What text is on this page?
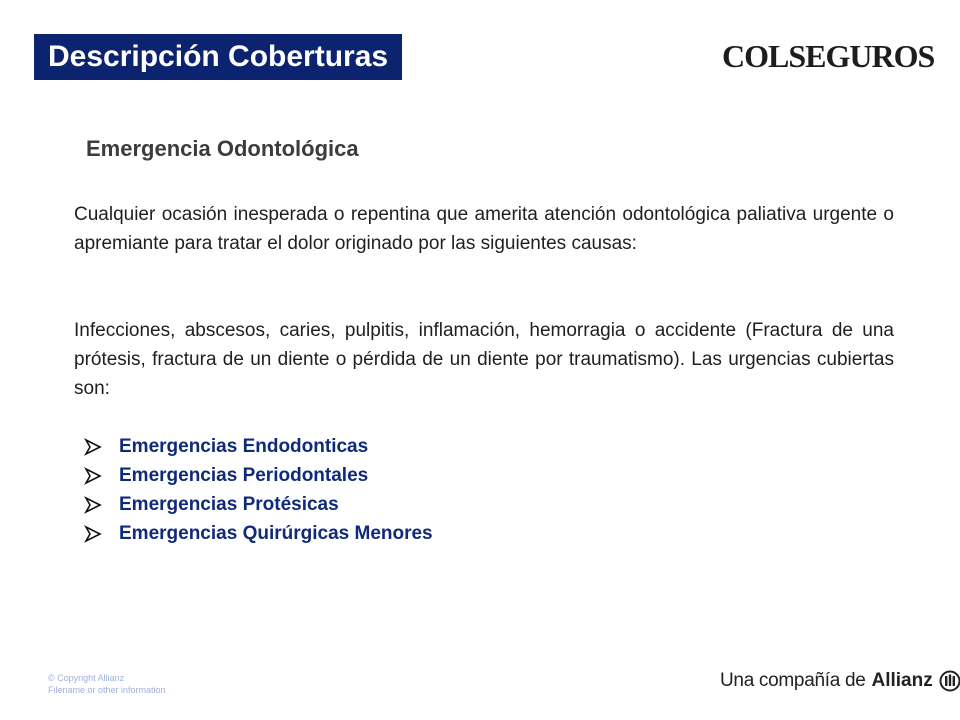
Descripción Coberturas	COLSEGUROS
Emergencia Odontológica
Cualquier ocasión inesperada o repentina que amerita atención odontológica paliativa urgente o apremiante para tratar el dolor originado por las siguientes causas:
Infecciones, abscesos, caries, pulpitis, inflamación, hemorragia o accidente (Fractura de una prótesis, fractura de un diente o pérdida de un diente por traumatismo). Las urgencias cubiertas son:
Emergencias Endodonticas
Emergencias Periodontales
Emergencias Protésicas
Emergencias Quirúrgicas Menores
© Copyright Allianz
Filename or other information	Una compañía de Allianz
